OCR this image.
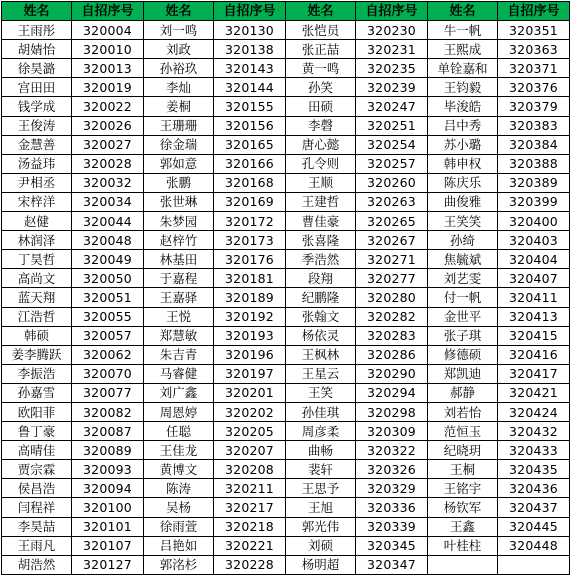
姓名	自招序号	姓名	自招序号	姓名	自招序号	姓名	自招序号
王雨彤	320004	刘一鸣	320130	张恺员	320230	牛一帆	320351
胡婧怡	320010	刘政	320138	张正喆	320231	王熙成	320363
徐昊潞	320013	孙裕玖	320143	黄一鸣	320235	单铨嘉和	320371
宫田田	320019	李灿	320144	孙笑	320239	王钧毅	320376
钱学成	320022	姜桐	320155	田硕	320247	毕浚皓	320379
王俊涛	320026	王珊珊	320156	李磬	320251	吕中秀	320383
金慧善	320027	徐金瑞	320165	唐心懿	320254	苏小璐	320384
汤益玮	320028	郭如意	320166	孔令则	320257	韩申权	320388
尹相丞	320032	张鹏	320168	王顺	320260	陈庆乐	320389
宋梓洋	320034	张世琳	320169	王建哲	320263	曲俊雅	320399
赵健	320044	朱梦园	320172	曹佳豪	320265	王笑笑	320400
林润泽	320048	赵梓竹	320173	张喜隆	320267	孙绮	320403
丁昊哲	320049	林基田	320176	季浩然	320271	焦毓斌	320404
高尚文	320050	于嘉程	320181	段翔	320277	刘艺雯	320407
蓝天翔	320051	王嘉驿	320189	纪鹏隆	320280	付一帆	320411
江浩哲	320055	王悦	320192	张翰文	320282	金世平	320413
韩硕	320057	郑慧敏	320193	杨依灵	320283	张子琪	320415
姜李腾跃	320062	朱吉青	320196	王枫林	320286	修德硕	320416
李振浩	320070	马睿健	320197	王星云	320290	郑凯迪	320417
孙嘉雪	320077	刘广鑫	320201	王笑	320294	郝静	320421
欧阳菲	320082	周恩婷	320202	孙佳琪	320298	刘若怡	320424
鲁丁豪	320087	任聪	320205	周彦柔	320309	范恒玉	320432
高晴佳	320089	王佳龙	320207	曲畅	320322	纪晓玥	320433
贾宗霖	320093	黄博文	320208	裴轩	320326	王桐	320435
侯昌浩	320094	陈涛	320211	王思予	320329	王铭宇	320436
闫程祥	320100	吴杨	320217	王旭	320336	杨钦军	320437
李昊喆	320101	徐雨萱	320218	郭光伟	320339	王鑫	320445
王雨凡	320107	吕艳如	320221	刘硕	320345	叶桂柱	320448
胡浩然	320127	郭洺杉	320228	杨明超	320347		
